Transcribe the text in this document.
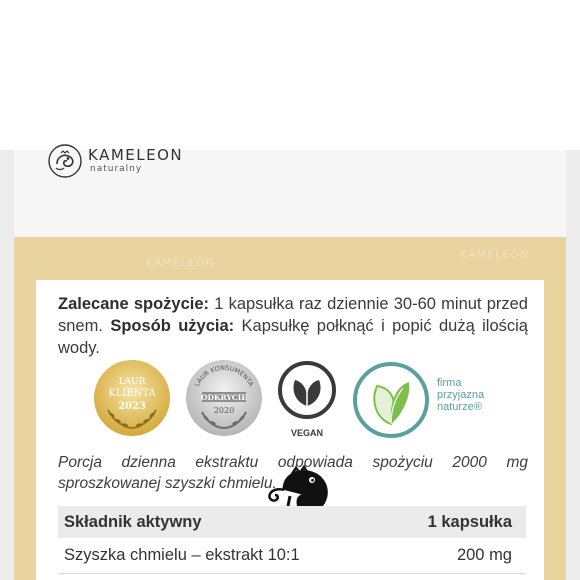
KAMELEON
naturalny
KAMELEON
KAMELEON

Zalecane spożycie: 1 kapsułka raz dziennie 30-60 minut przed snem. Sposób użycia: Kapsułkę połknąć i popić dużą ilością wody.

LAUR
KLIENTA
2023
LAUR KONSUMENTA
ODKRYCIE
2020
VEGAN
firma
przyjazna
naturze®

Porcja dzienna ekstraktu odpowiada spożyciu 2000 mg sproszkowanej szyszki chmielu.

Składnik aktywny	1 kapsułka
Szyszka chmielu – ekstrakt 10:1	200 mg
